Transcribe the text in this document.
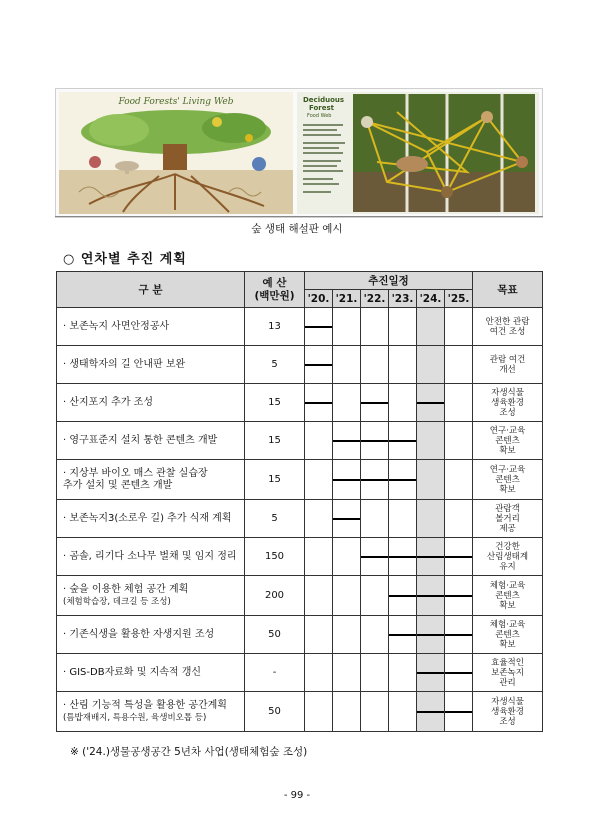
Food Forests' Living Web	Deciduous
Forest
Food Web
숲 생태 해설판 예시
○ 연차별 추진 계획
구 분	예 산
(백만원)	추진일정						목표
		'20.	'21.	'22.	'23.	'24.	'25.	
· 보존녹지 사면안정공사	13							안전한 관람
여건 조성
· 생태학자의 길 안내판 보완	5							관람 여건
개선
· 산지포지 추가 조성	15							자생식물
생육환경
조성
· 영구표준지 설치 통한 콘텐츠 개발	15							연구·교육
콘텐츠
확보
· 지상부 바이오 매스 관찰 실습장
추가 설치 및 콘텐츠 개발	15							연구·교육
콘텐츠
확보
· 보존녹지3(소로우 길) 추가 식재 계획	5							관람객
볼거리
제공
· 곰솔, 리기다 소나무 벌채 및 임지 정리	150							건강한
산림생태계
유지
· 숲을 이용한 체험 공간 계획
(체험학습장, 데크길 등 조성)	200							체험·교육
콘텐츠
확보
· 기존식생을 활용한 자생지원 조성	50							체험·교육
콘텐츠
확보
· GIS-DB자료화 및 지속적 갱신	-							효율적인
보존녹지
관리
· 산림 기능적 특성을 활용한 공간계획
(틈밥재배지, 특용수원, 육생비오톱 등)	50							자생식물
생육환경
조성
※ ('24.)생물공생공간 5년차 사업(생태체험숲 조성)
- 99 -
